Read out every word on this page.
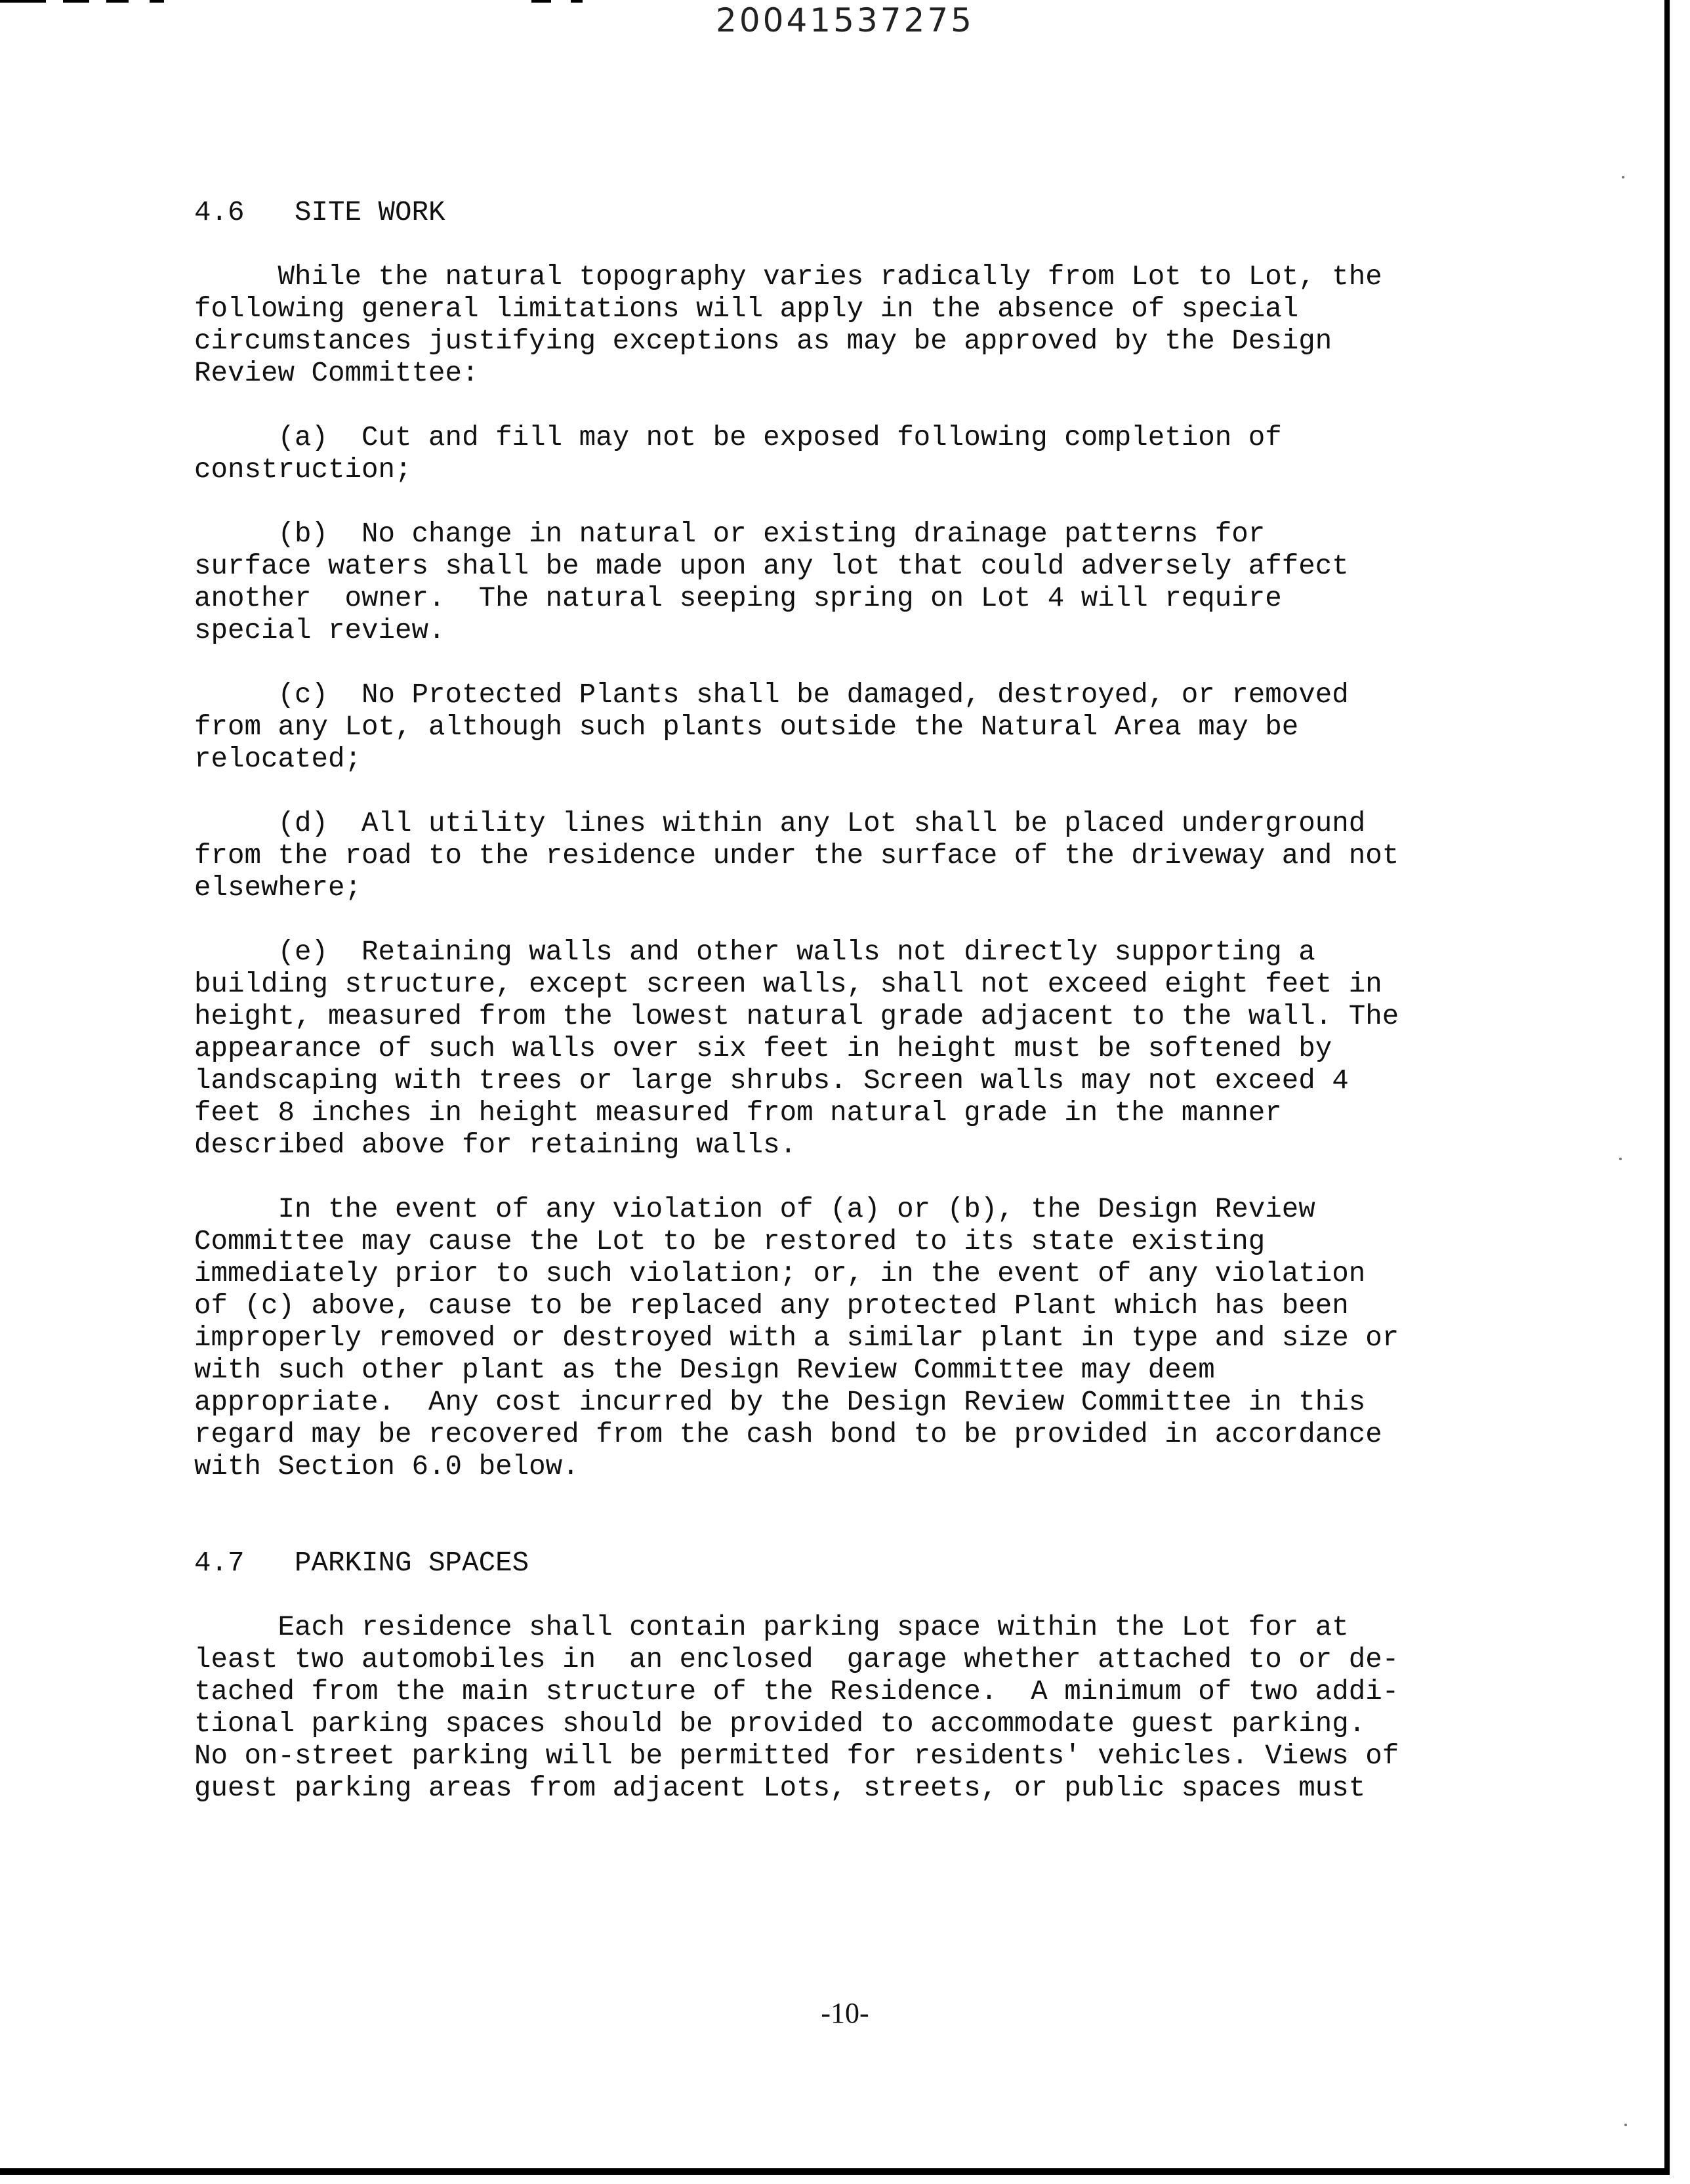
20041537275

4.6   SITE WORK

While the natural topography varies radically from Lot to Lot, the
following general limitations will apply in the absence of special
circumstances justifying exceptions as may be approved by the Design
Review Committee:

(a)  Cut and fill may not be exposed following completion of
construction;

(b)  No change in natural or existing drainage patterns for
surface waters shall be made upon any lot that could adversely affect
another  owner.  The natural seeping spring on Lot 4 will require
special review.

(c)  No Protected Plants shall be damaged, destroyed, or removed
from any Lot, although such plants outside the Natural Area may be
relocated;

(d)  All utility lines within any Lot shall be placed underground
from the road to the residence under the surface of the driveway and not
elsewhere;

(e)  Retaining walls and other walls not directly supporting a
building structure, except screen walls, shall not exceed eight feet in
height, measured from the lowest natural grade adjacent to the wall. The
appearance of such walls over six feet in height must be softened by
landscaping with trees or large shrubs. Screen walls may not exceed 4
feet 8 inches in height measured from natural grade in the manner
described above for retaining walls.

In the event of any violation of (a) or (b), the Design Review
Committee may cause the Lot to be restored to its state existing
immediately prior to such violation; or, in the event of any violation
of (c) above, cause to be replaced any protected Plant which has been
improperly removed or destroyed with a similar plant in type and size or
with such other plant as the Design Review Committee may deem
appropriate.  Any cost incurred by the Design Review Committee in this
regard may be recovered from the cash bond to be provided in accordance
with Section 6.0 below.

4.7   PARKING SPACES

Each residence shall contain parking space within the Lot for at
least two automobiles in  an enclosed  garage whether attached to or de-
tached from the main structure of the Residence.  A minimum of two addi-
tional parking spaces should be provided to accommodate guest parking.
No on-street parking will be permitted for residents' vehicles. Views of
guest parking areas from adjacent Lots, streets, or public spaces must

-10-
